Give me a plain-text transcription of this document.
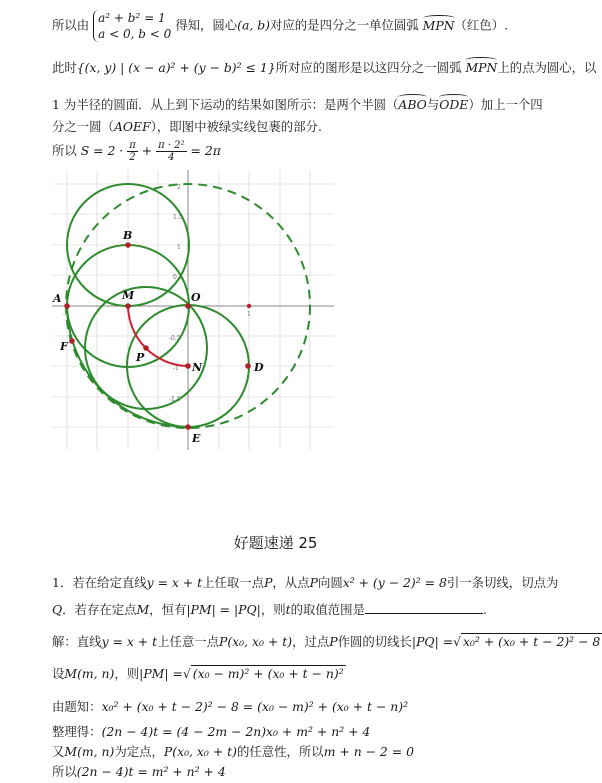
所以由 a² + b² = 1
a < 0, b < 0 得知，圆心(a, b)对应的是四分之一单位圆弧 MPN（红色）.
此时{(x, y) | (x − a)² + (y − b)² ≤ 1}所对应的图形是以这四分之一圆弧 MPN上的点为圆心，以
1 为半径的圆面．从上到下运动的结果如图所示：是两个半圆（ABO与ODE）加上一个四
分之一圆（AOEF），即图中被绿实线包裹的部分.
所以 $S = 2 \cdot \frac{\pi}{2} + \frac{\text{π · 2²}}{4} = 2\pi$
2
1.5
1
0.5
-0.5
-1
-1.5
-1	1
A
B
M	O
F
P
N	D
E
好题速递 25
1．若在给定直线y = x + t上任取一点P，从点P向圆x² + (y − 2)² = 8引一条切线，切点为
Q．若存在定点M，恒有|PM| = |PQ|，则t的取值范围是	.
解：直线y = x + t上任意一点P(x₀, x₀ + t)，过点P作圆的切线长|PQ| =√ x₀² + (x₀ + t − 2)² − 8
设M(m, n)，则|PM| =√ (x₀ − m)² + (x₀ + t − n)²
由题知：x₀² + (x₀ + t − 2)² − 8 = (x₀ − m)² + (x₀ + t − n)²
整理得：(2n − 4)t = (4 − 2m − 2n)x₀ + m² + n² + 4
又M(m, n)为定点，P(x₀, x₀ + t)的任意性，所以m + n − 2 = 0
所以(2n − 4)t = m² + n² + 4
